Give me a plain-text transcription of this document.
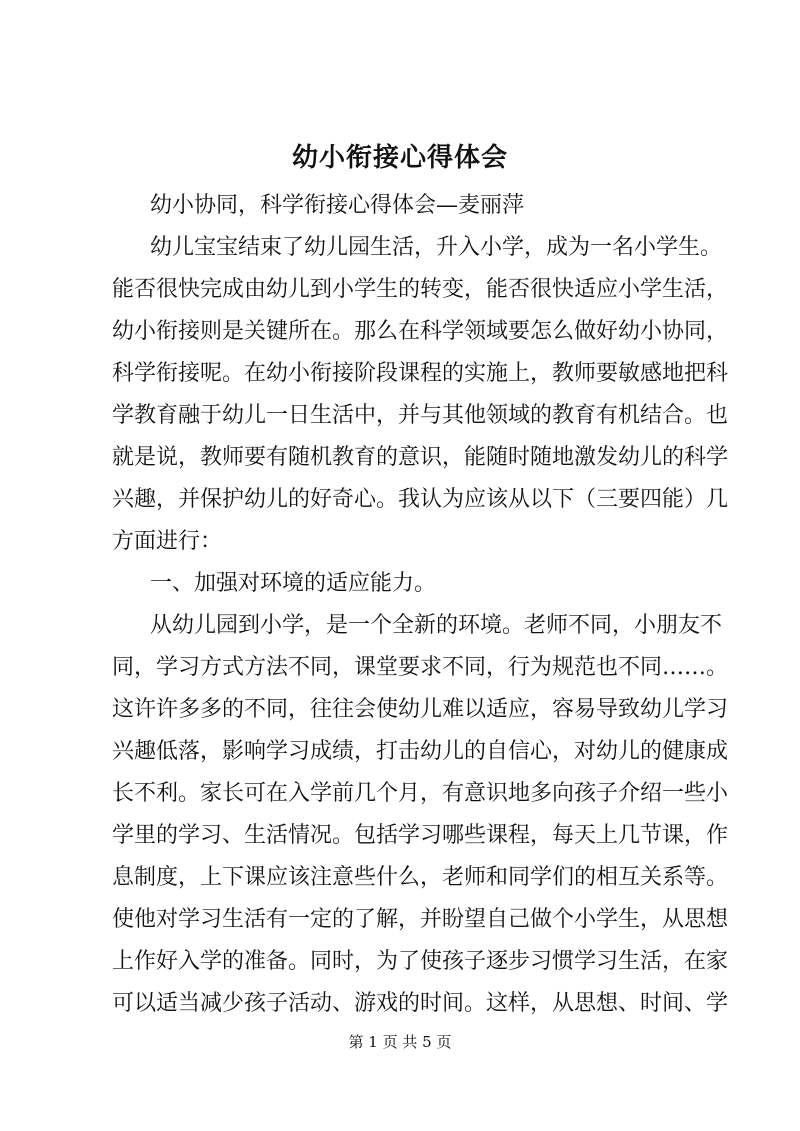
幼小衔接心得体会
幼小协同，科学衔接心得体会—麦丽萍
幼儿宝宝结束了幼儿园生活，升入小学，成为一名小学生。
能否很快完成由幼儿到小学生的转变，能否很快适应小学生活，
幼小衔接则是关键所在。那么在科学领域要怎么做好幼小协同，
科学衔接呢。在幼小衔接阶段课程的实施上，教师要敏感地把科
学教育融于幼儿一日生活中，并与其他领域的教育有机结合。也
就是说，教师要有随机教育的意识，能随时随地激发幼儿的科学
兴趣，并保护幼儿的好奇心。我认为应该从以下（三要四能）几
方面进行：
一、加强对环境的适应能力。
从幼儿园到小学，是一个全新的环境。老师不同，小朋友不
同，学习方式方法不同，课堂要求不同，行为规范也不同……。
这许许多多的不同，往往会使幼儿难以适应，容易导致幼儿学习
兴趣低落，影响学习成绩，打击幼儿的自信心，对幼儿的健康成
长不利。家长可在入学前几个月，有意识地多向孩子介绍一些小
学里的学习、生活情况。包括学习哪些课程，每天上几节课，作
息制度，上下课应该注意些什么，老师和同学们的相互关系等。
使他对学习生活有一定的了解，并盼望自己做个小学生，从思想
上作好入学的准备。同时，为了使孩子逐步习惯学习生活，在家
可以适当减少孩子活动、游戏的时间。这样，从思想、时间、学
第 1 页 共 5 页
